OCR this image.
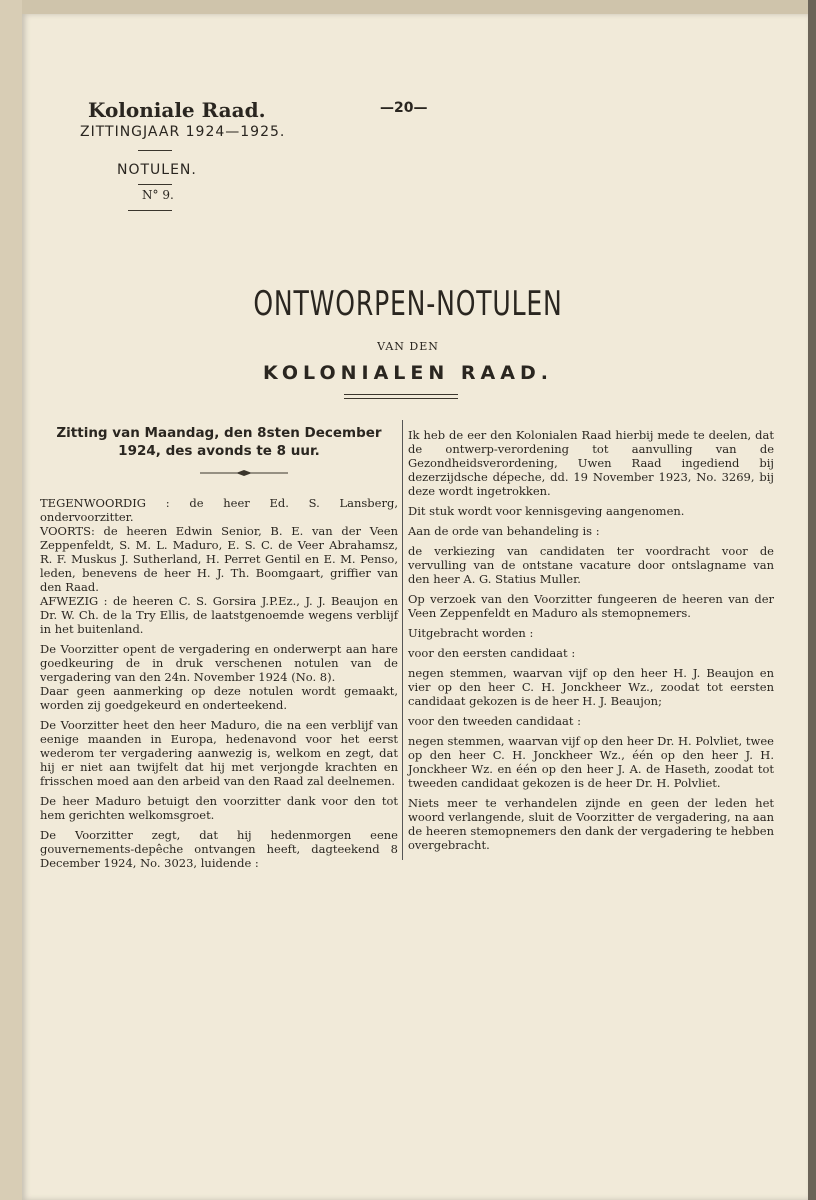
Koloniale Raad.
ZITTINGJAAR 1924—1925.
NOTULEN.
N° 9.
—20—
ONTWORPEN-NOTULEN
VAN DEN
KOLONIALEN RAAD.
Zitting van Maandag, den 8sten December 1924, des avonds te 8 uur.

TEGENWOORDIG : de heer Ed. S. Lansberg, ondervoorzitter.

VOORTS: de heeren Edwin Senior, B. E. van der Veen Zeppenfeldt, S. M. L. Maduro, E. S. C. de Veer Abrahamsz, R. F. Muskus J. Sutherland, H. Perret Gentil en E. M. Penso, leden, benevens de heer H. J. Th. Boomgaart, griffier van den Raad.

AFWEZIG : de heeren C. S. Gorsira J.P.Ez., J. J. Beaujon en Dr. W. Ch. de la Try Ellis, de laatstgenoemde wegens verblijf in het buitenland.

De Voorzitter opent de vergadering en onderwerpt aan hare goedkeuring de in druk verschenen notulen van de vergadering van den 24n. November 1924 (No. 8).

Daar geen aanmerking op deze notulen wordt gemaakt, worden zij goedgekeurd en onderteekend.

De Voorzitter heet den heer Maduro, die na een verblijf van eenige maanden in Europa, hedenavond voor het eerst wederom ter vergadering aanwezig is, welkom en zegt, dat hij er niet aan twijfelt dat hij met verjongde krachten en frisschen moed aan den arbeid van den Raad zal deelnemen.

De heer Maduro betuigt den voorzitter dank voor den tot hem gerichten welkomsgroet.

De Voorzitter zegt, dat hij hedenmorgen eene gouvernements-depêche ontvangen heeft, dagteekend 8 December 1924, No. 3023, luidende :

Ik heb de eer den Kolonialen Raad hierbij mede te deelen, dat de ontwerp-verordening tot aanvulling van de Gezondheidsverordening, Uwen Raad ingediend bij dezerzijdsche dépeche, dd. 19 November 1923, No. 3269, bij deze wordt ingetrokken.

Dit stuk wordt voor kennisgeving aangenomen.

Aan de orde van behandeling is :

de verkiezing van candidaten ter voordracht voor de vervulling van de ontstane vacature door ontslagname van den heer A. G. Statius Muller.

Op verzoek van den Voorzitter fungeeren de heeren van der Veen Zeppenfeldt en Maduro als stemopnemers.

Uitgebracht worden :

voor den eersten candidaat :

negen stemmen, waarvan vijf op den heer H. J. Beaujon en vier op den heer C. H. Jonckheer Wz., zoodat tot eersten candidaat gekozen is de heer H. J. Beaujon;

voor den tweeden candidaat :

negen stemmen, waarvan vijf op den heer Dr. H. Polvliet, twee op den heer C. H. Jonckheer Wz., één op den heer J. H. Jonckheer Wz. en één op den heer J. A. de Haseth, zoodat tot tweeden candidaat gekozen is de heer Dr. H. Polvliet.

Niets meer te verhandelen zijnde en geen der leden het woord verlangende, sluit de Voorzitter de vergadering, na aan de heeren stemopnemers den dank der vergadering te hebben overgebracht.
